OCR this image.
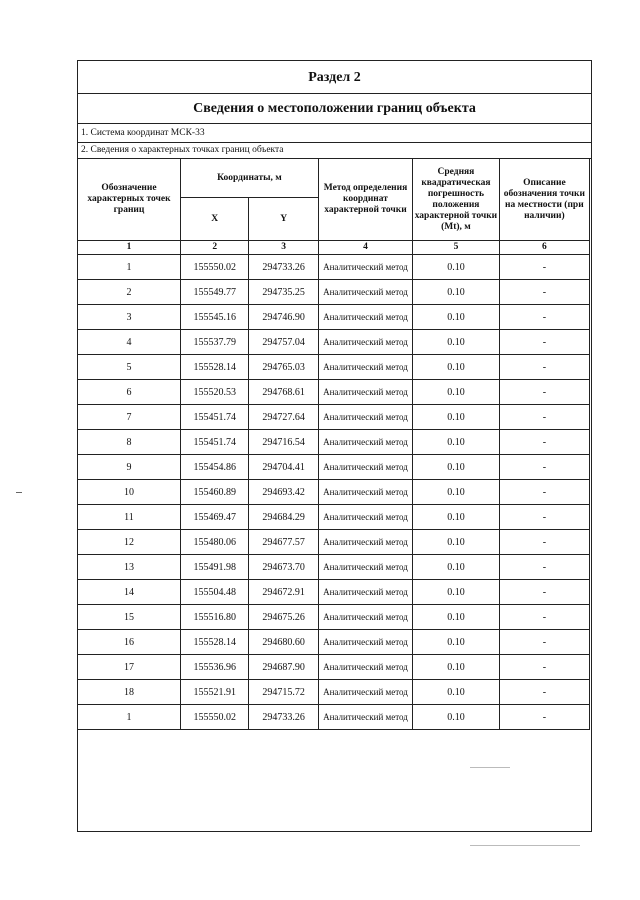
Раздел 2
Сведения о местоположении границ объекта
1. Система координат МСК-33
2. Сведения о характерных точках границ объекта
Обозначение характерных точек границ	Координаты, м		Метод определения координат характерной точки	Средняя квадратическая погрешность положения характерной точки (Mt), м	Описание обозначения точки на местности (при наличии)
	X	Y			
1	2	3	4	5	6
1	155550.02	294733.26	Аналитический метод	0.10	-
2	155549.77	294735.25	Аналитический метод	0.10	-
3	155545.16	294746.90	Аналитический метод	0.10	-
4	155537.79	294757.04	Аналитический метод	0.10	-
5	155528.14	294765.03	Аналитический метод	0.10	-
6	155520.53	294768.61	Аналитический метод	0.10	-
7	155451.74	294727.64	Аналитический метод	0.10	-
8	155451.74	294716.54	Аналитический метод	0.10	-
9	155454.86	294704.41	Аналитический метод	0.10	-
10	155460.89	294693.42	Аналитический метод	0.10	-
11	155469.47	294684.29	Аналитический метод	0.10	-
12	155480.06	294677.57	Аналитический метод	0.10	-
13	155491.98	294673.70	Аналитический метод	0.10	-
14	155504.48	294672.91	Аналитический метод	0.10	-
15	155516.80	294675.26	Аналитический метод	0.10	-
16	155528.14	294680.60	Аналитический метод	0.10	-
17	155536.96	294687.90	Аналитический метод	0.10	-
18	155521.91	294715.72	Аналитический метод	0.10	-
1	155550.02	294733.26	Аналитический метод	0.10	-
